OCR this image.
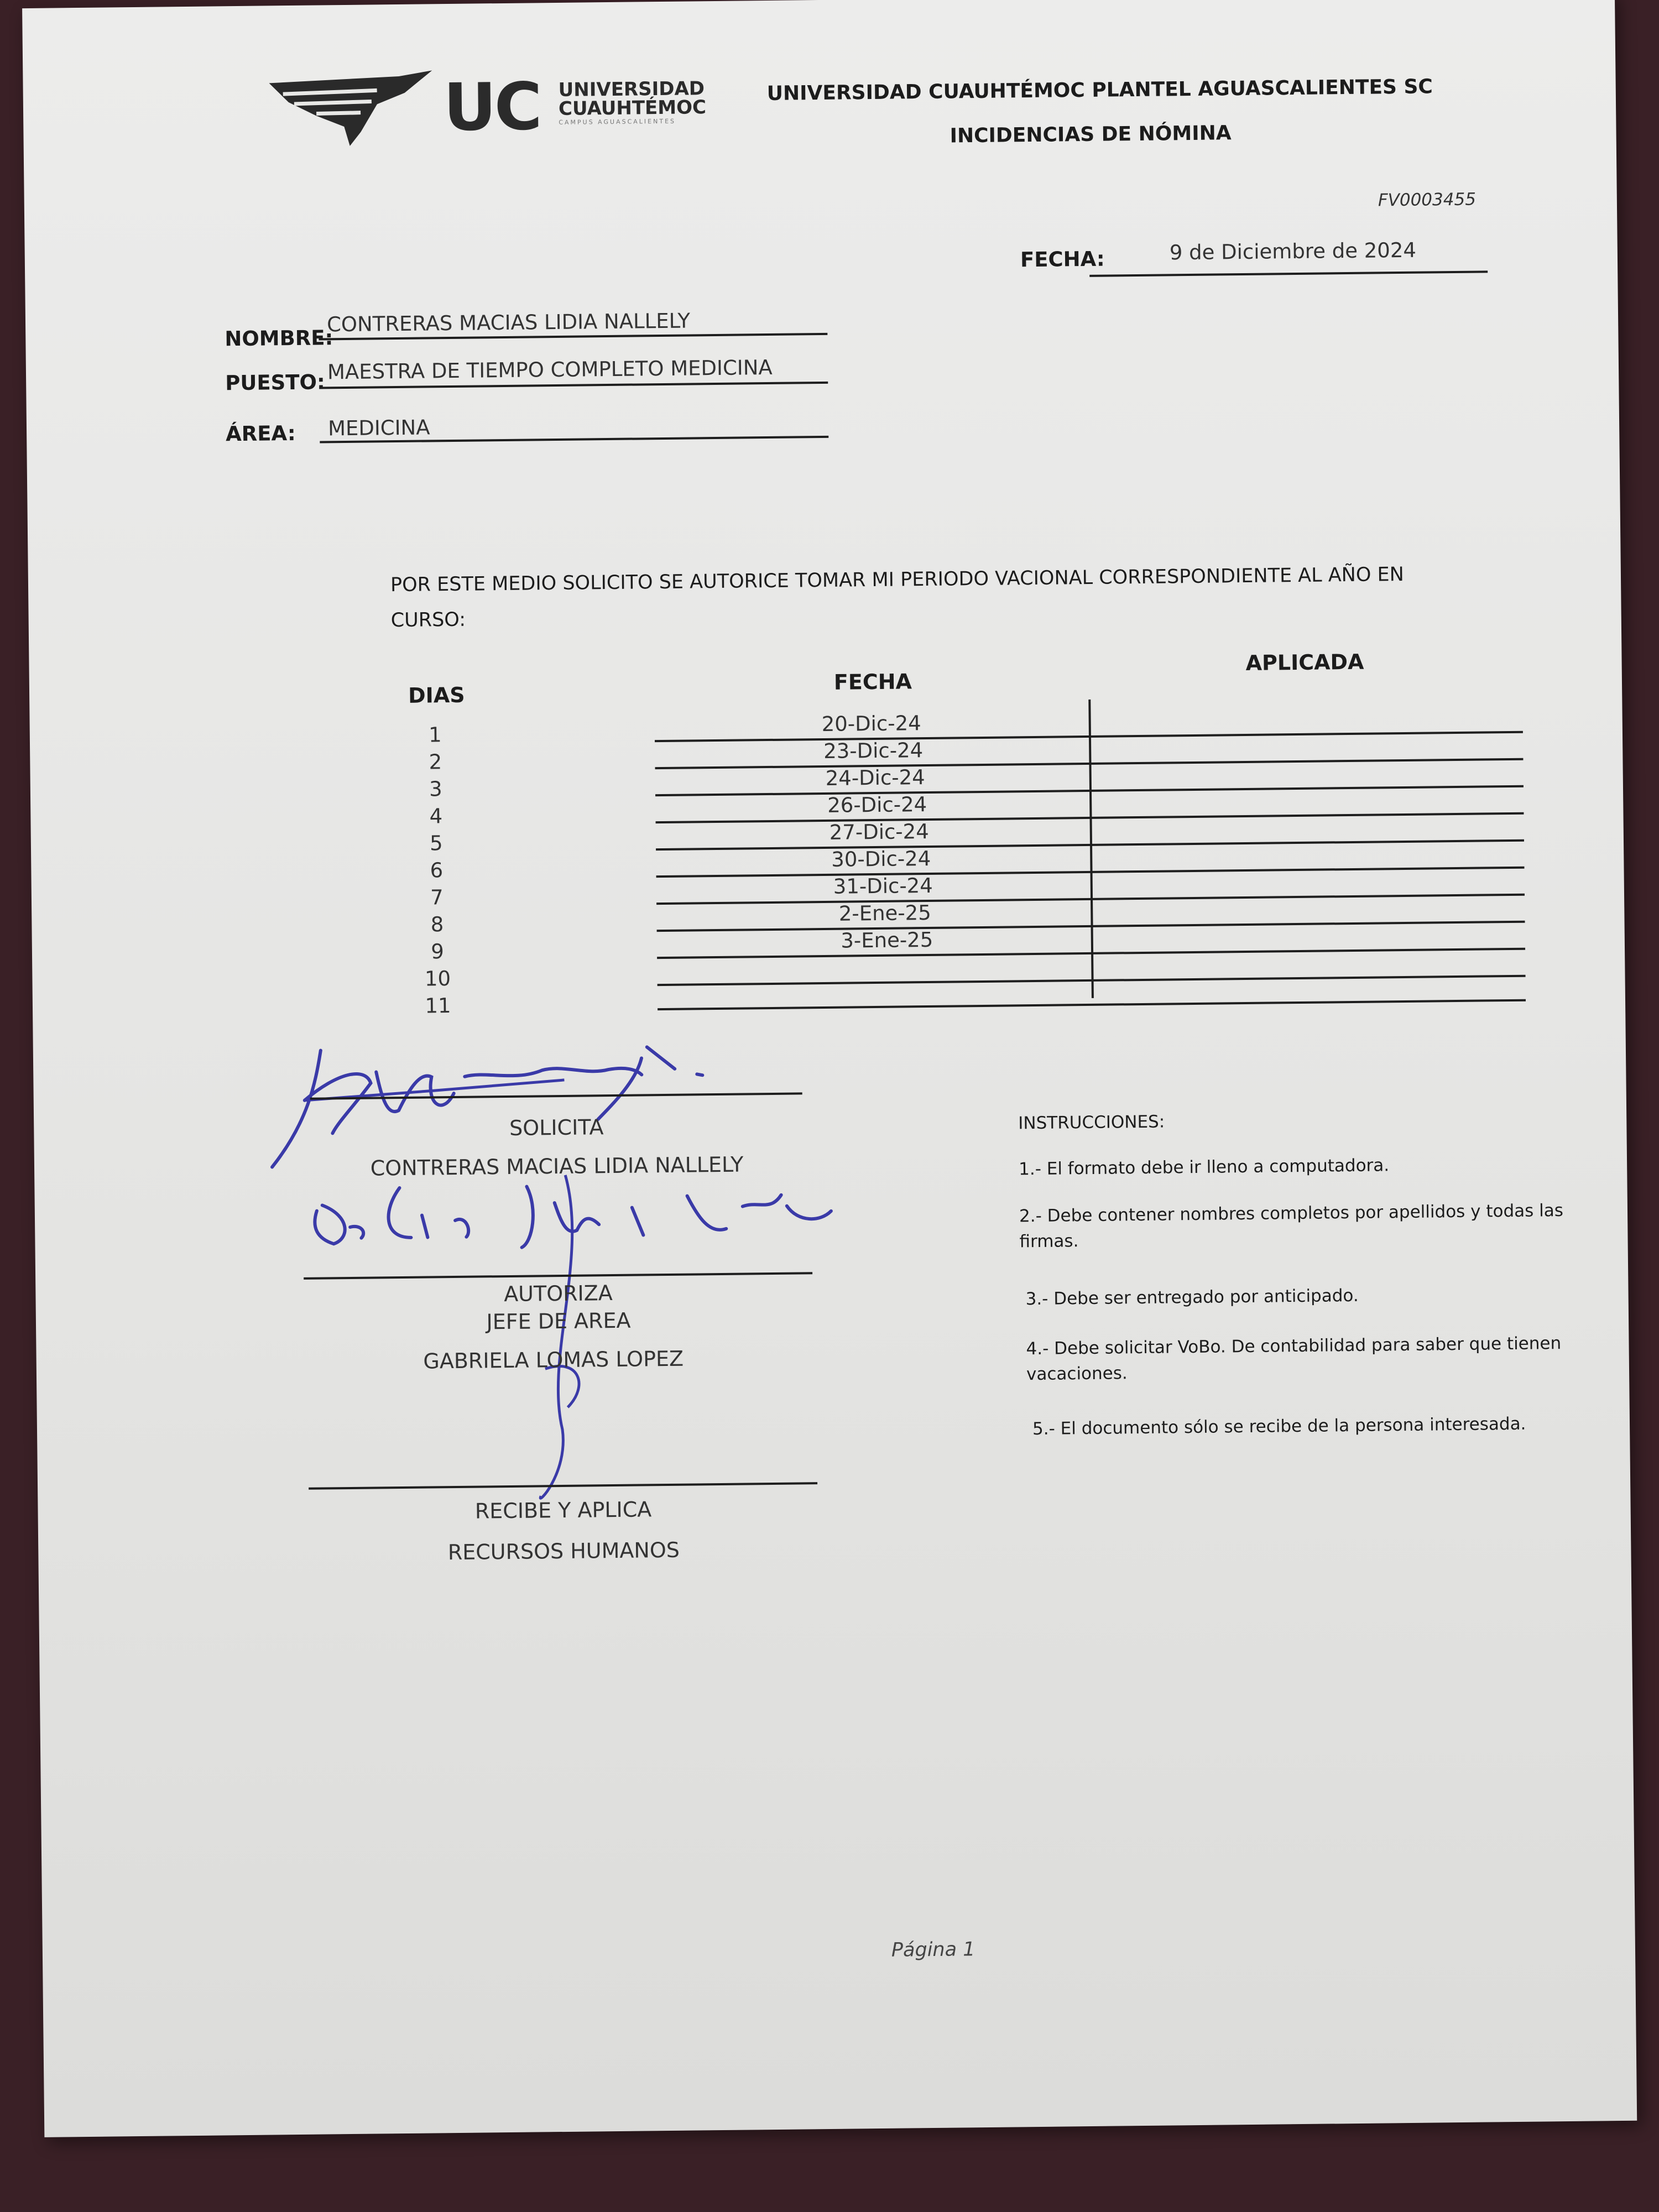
UC UNIVERSIDAD
CUAUHTÉMOC
CAMPUS AGUASCALIENTES
UNIVERSIDAD CUAUHTÉMOC PLANTEL AGUASCALIENTES SC
INCIDENCIAS DE NÓMINA
FV0003455
FECHA:	9 de Diciembre de 2024
NOMBRE:
CONTRERAS MACIAS LIDIA NALLELY
PUESTO: MAESTRA DE TIEMPO COMPLETO MEDICINA
ÁREA: MEDICINA
POR ESTE MEDIO SOLICITO SE AUTORICE TOMAR MI PERIODO VACIONAL CORRESPONDIENTE AL AÑO EN
CURSO:
DIAS
FECHA
APLICADA
1	20-Dic-24
2	23-Dic-24
3	24-Dic-24
4	26-Dic-24
5	27-Dic-24
6	30-Dic-24
7	31-Dic-24
8	2-Ene-25
9	3-Ene-25
10
11
SOLICITA
CONTRERAS MACIAS LIDIA NALLELY
AUTORIZA
JEFE DE AREA
GABRIELA LOMAS LOPEZ
RECIBE Y APLICA
RECURSOS HUMANOS
INSTRUCCIONES:
1.- El formato debe ir lleno a computadora.
2.- Debe contener nombres completos por apellidos y todas las firmas.
3.- Debe ser entregado por anticipado.
4.- Debe solicitar VoBo. De contabilidad para saber que tienen vacaciones.
5.- El documento sólo se recibe de la persona interesada.
Página 1
